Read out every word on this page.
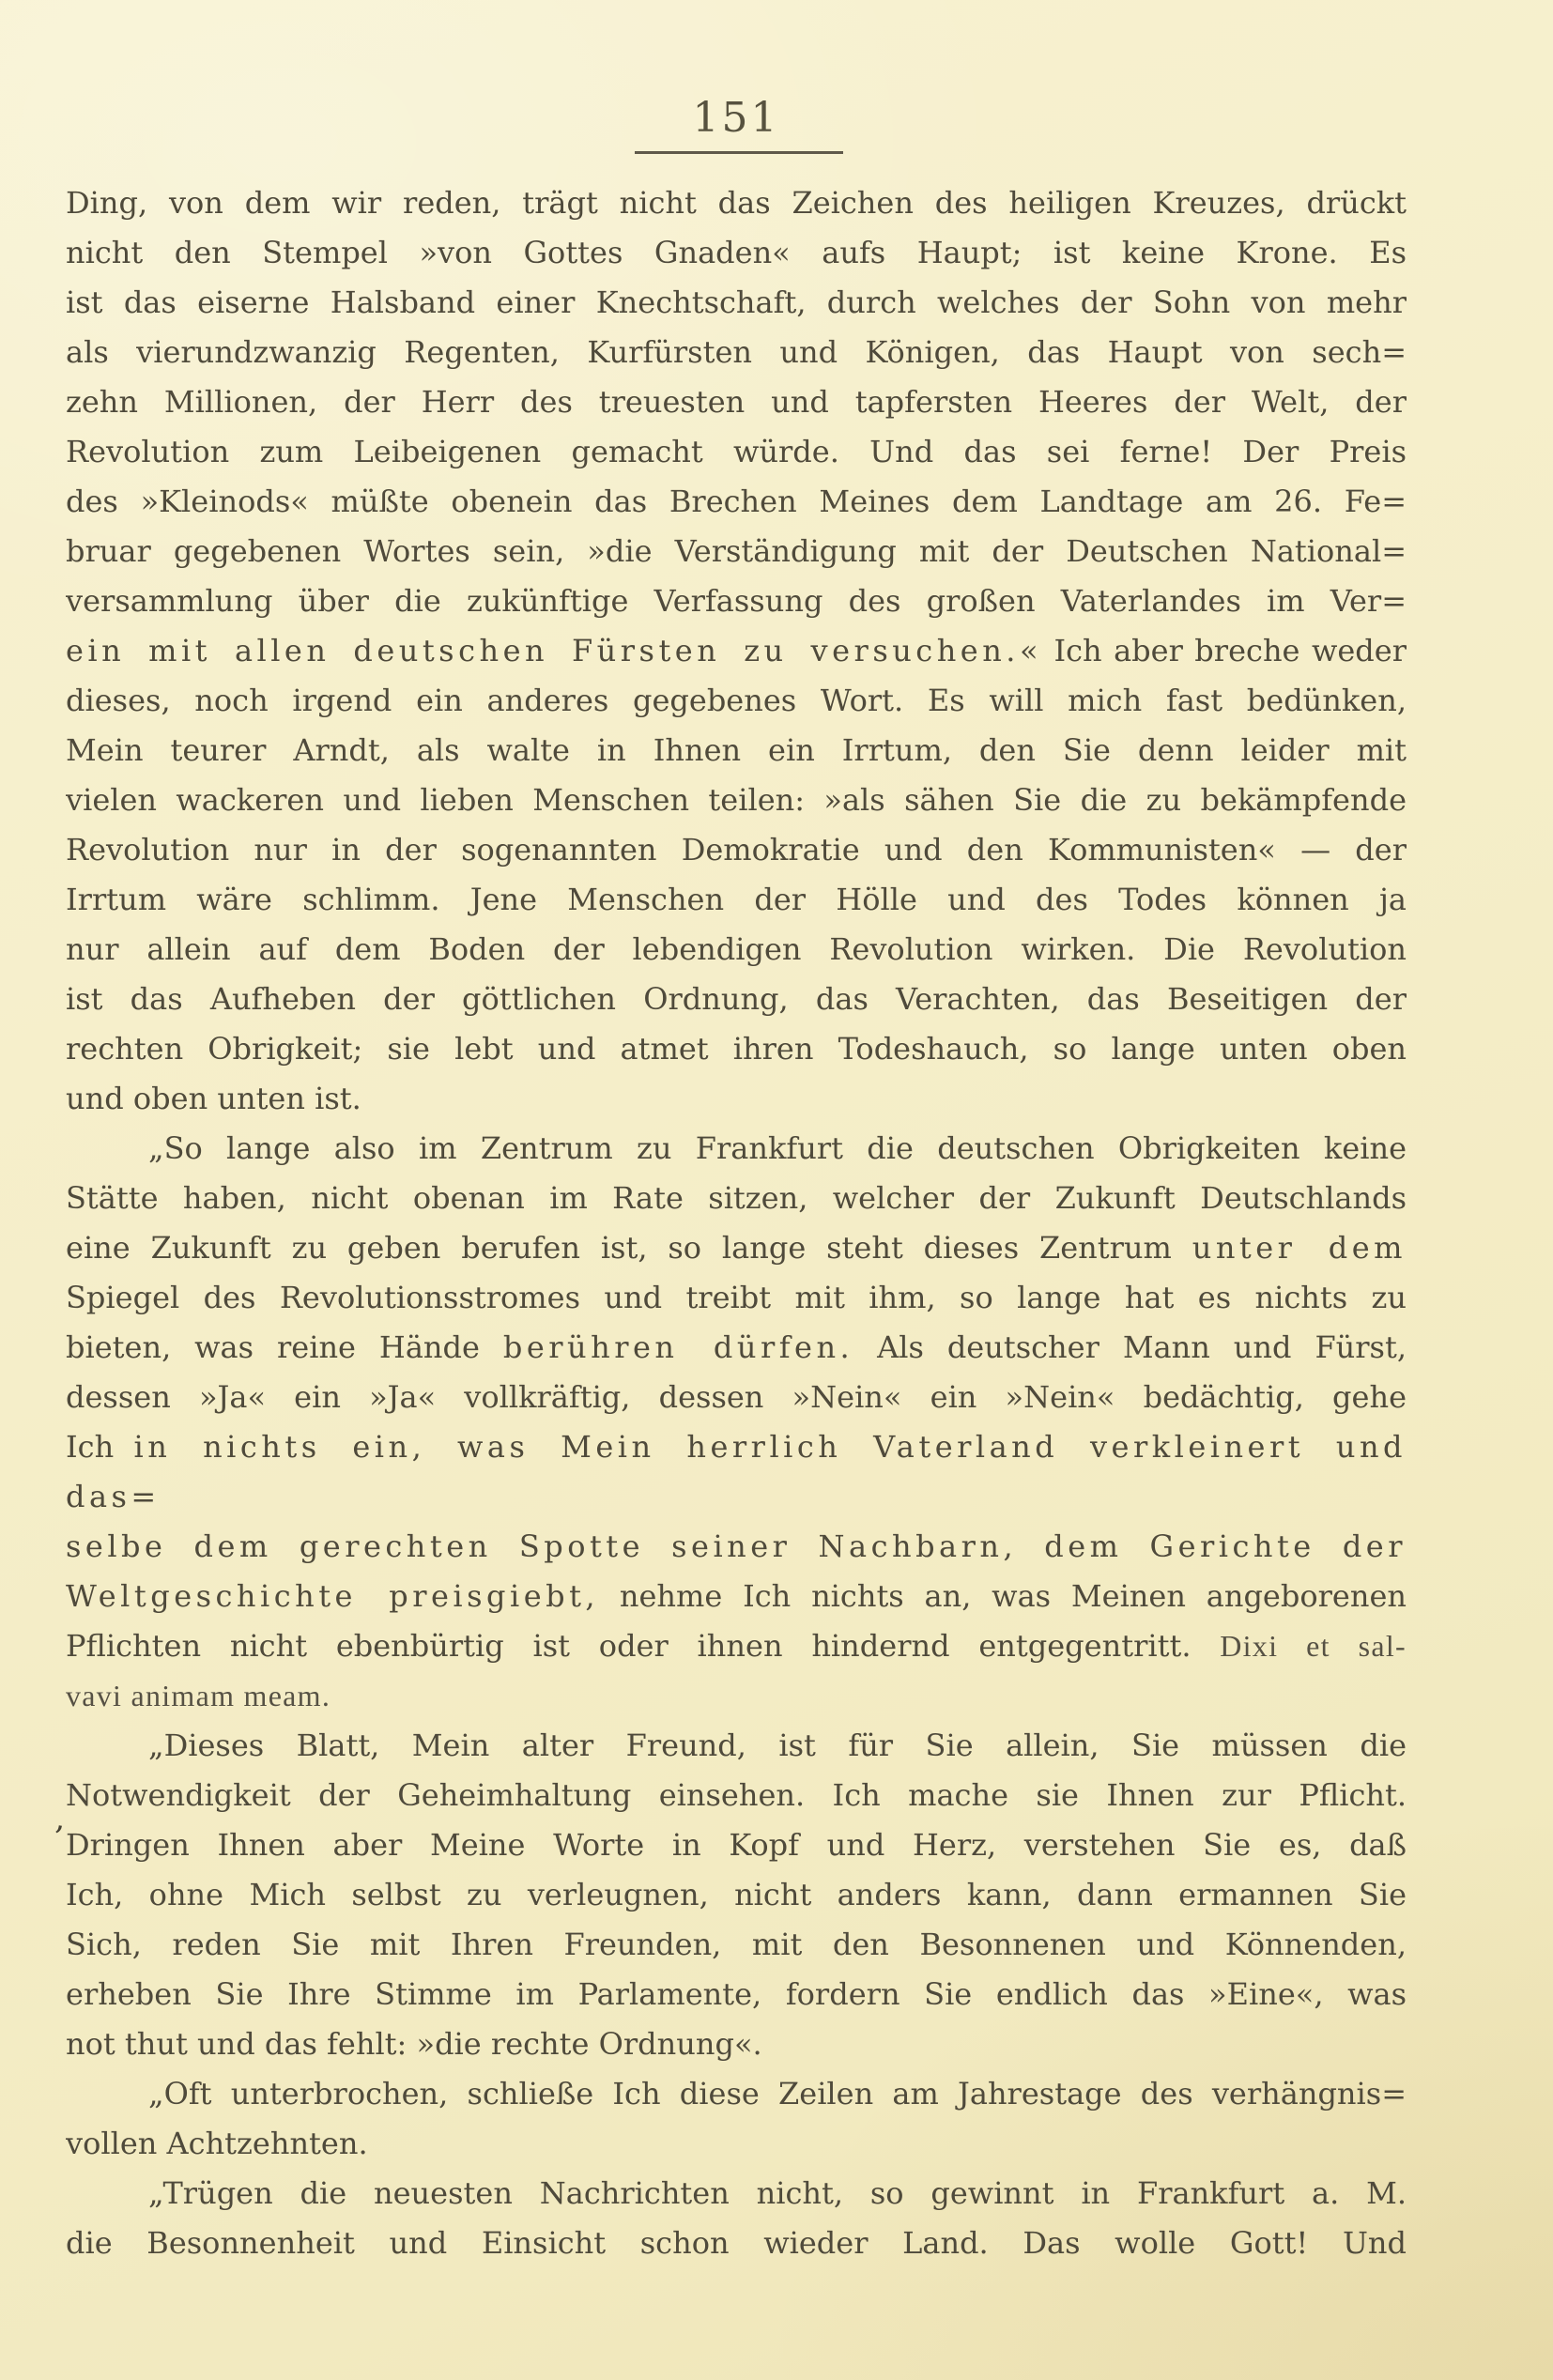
151
’
Ding, von dem wir reden, trägt nicht das Zeichen des heiligen Kreuzes, drückt
nicht den Stempel »von Gottes Gnaden« aufs Haupt; ist keine Krone. Es
ist das eiserne Halsband einer Knechtschaft, durch welches der Sohn von mehr
als vierundzwanzig Regenten, Kurfürsten und Königen, das Haupt von sech=
zehn Millionen, der Herr des treuesten und tapfersten Heeres der Welt, der
Revolution zum Leibeigenen gemacht würde. Und das sei ferne! Der Preis
des »Kleinods« müßte obenein das Brechen Meines dem Landtage am 26. Fe=
bruar gegebenen Wortes sein, »die Verständigung mit der Deutschen National=
versammlung über die zukünftige Verfassung des großen Vaterlandes im Ver=
ein mit allen deutschen Fürsten zu versuchen.« Ich aber breche weder
dieses, noch irgend ein anderes gegebenes Wort. Es will mich fast bedünken,
Mein teurer Arndt, als walte in Ihnen ein Irrtum, den Sie denn leider mit
vielen wackeren und lieben Menschen teilen: »als sähen Sie die zu bekämpfende
Revolution nur in der sogenannten Demokratie und den Kommunisten« — der
Irrtum wäre schlimm. Jene Menschen der Hölle und des Todes können ja
nur allein auf dem Boden der lebendigen Revolution wirken. Die Revolution
ist das Aufheben der göttlichen Ordnung, das Verachten, das Beseitigen der
rechten Obrigkeit; sie lebt und atmet ihren Todeshauch, so lange unten oben
und oben unten ist.
„So lange also im Zentrum zu Frankfurt die deutschen Obrigkeiten keine
Stätte haben, nicht obenan im Rate sitzen, welcher der Zukunft Deutschlands
eine Zukunft zu geben berufen ist, so lange steht dieses Zentrum unter dem
Spiegel des Revolutionsstromes und treibt mit ihm, so lange hat es nichts zu
bieten, was reine Hände berühren dürfen. Als deutscher Mann und Fürst,
dessen »Ja« ein »Ja« vollkräftig, dessen »Nein« ein »Nein« bedächtig, gehe
Ich in nichts ein, was Mein herrlich Vaterland verkleinert und das=
selbe dem gerechten Spotte seiner Nachbarn, dem Gerichte der
Weltgeschichte preisgiebt, nehme Ich nichts an, was Meinen angeborenen
Pflichten nicht ebenbürtig ist oder ihnen hindernd entgegentritt. Dixi et sal-
vavi animam meam.
„Dieses Blatt, Mein alter Freund, ist für Sie allein, Sie müssen die
Notwendigkeit der Geheimhaltung einsehen. Ich mache sie Ihnen zur Pflicht.
Dringen Ihnen aber Meine Worte in Kopf und Herz, verstehen Sie es, daß
Ich, ohne Mich selbst zu verleugnen, nicht anders kann, dann ermannen Sie
Sich, reden Sie mit Ihren Freunden, mit den Besonnenen und Könnenden,
erheben Sie Ihre Stimme im Parlamente, fordern Sie endlich das »Eine«, was
not thut und das fehlt: »die rechte Ordnung«.
„Oft unterbrochen, schließe Ich diese Zeilen am Jahrestage des verhängnis=
vollen Achtzehnten.
„Trügen die neuesten Nachrichten nicht, so gewinnt in Frankfurt a. M.
die Besonnenheit und Einsicht schon wieder Land. Das wolle Gott! Und
